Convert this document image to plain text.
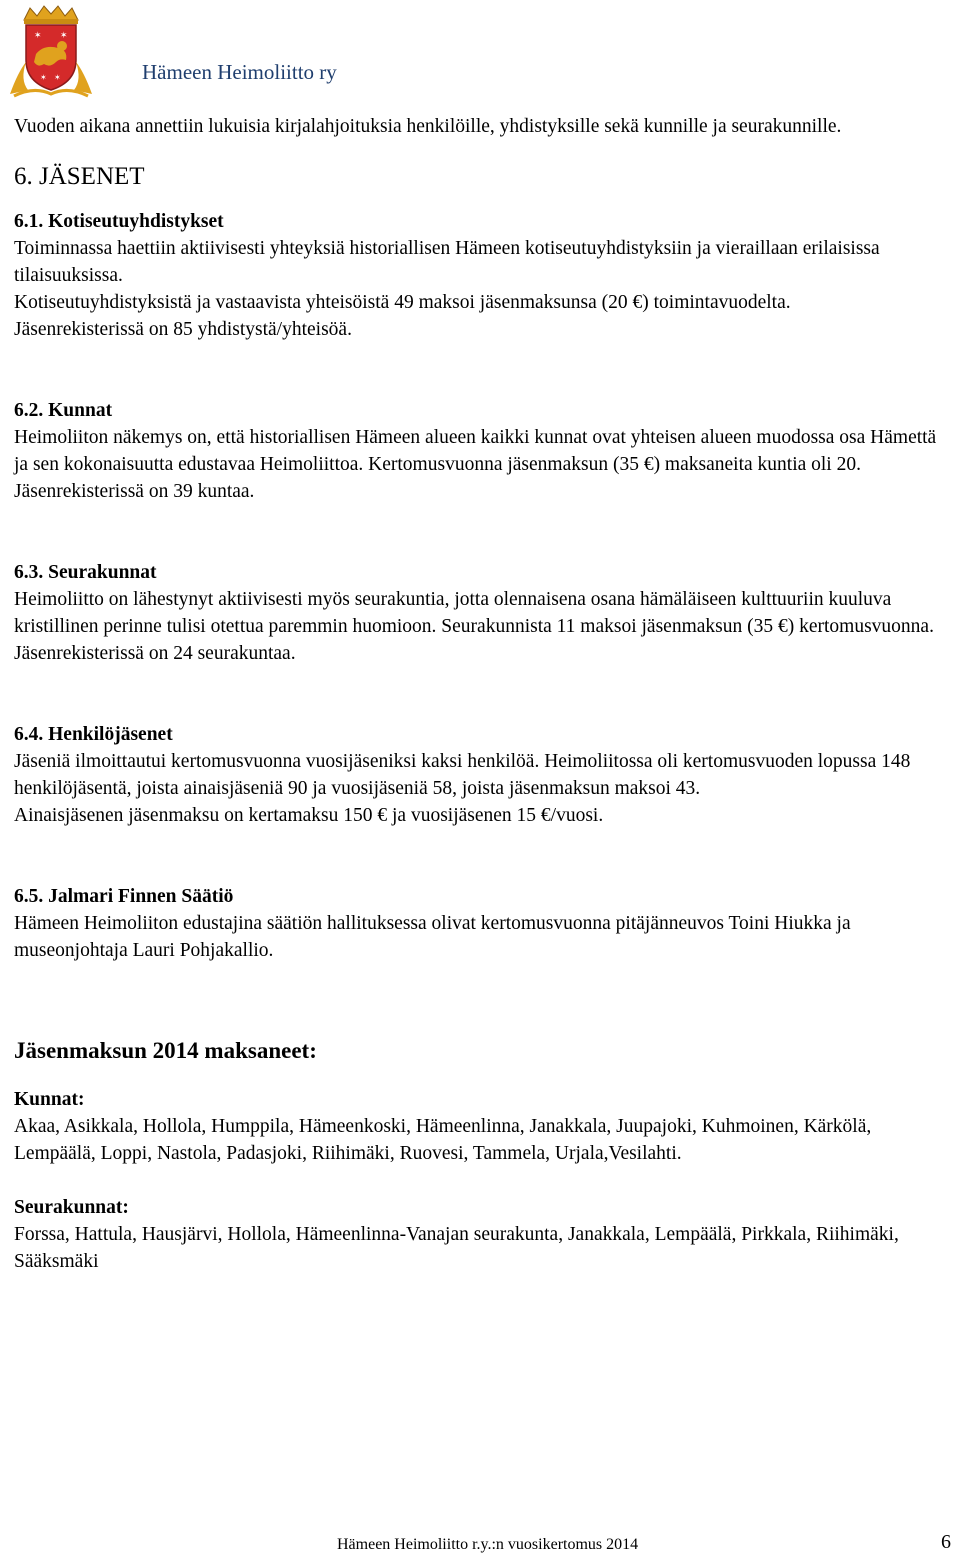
✶ ✶
✶ ✶	Hämeen Heimoliitto ry

Vuoden aikana annettiin lukuisia kirjalahjoituksia henkilöille, yhdistyksille sekä kunnille ja seurakunnille.

6. JÄSENET

6.1. Kotiseutuyhdistykset

Toiminnassa haettiin aktiivisesti yhteyksiä historiallisen Hämeen kotiseutuyhdistyksiin ja vieraillaan erilaisissa tilaisuuksissa.

Kotiseutuyhdistyksistä ja vastaavista yhteisöistä 49 maksoi jäsenmaksunsa (20 €) toimintavuodelta.

Jäsenrekisterissä on 85 yhdistystä/yhteisöä.

6.2. Kunnat

Heimoliiton näkemys on, että historiallisen Hämeen alueen kaikki kunnat ovat yhteisen alueen muodossa osa Hämettä ja sen kokonaisuutta edustavaa Heimoliittoa. Kertomusvuonna jäsenmaksun (35 €) maksaneita kuntia oli 20. Jäsenrekisterissä on 39 kuntaa.

6.3. Seurakunnat

Heimoliitto on lähestynyt aktiivisesti myös seurakuntia, jotta olennaisena osana hämäläiseen kulttuuriin kuuluva kristillinen perinne tulisi otettua paremmin huomioon. Seurakunnista 11 maksoi jäsenmaksun (35 €) kertomusvuonna. Jäsenrekisterissä on 24 seurakuntaa.

6.4. Henkilöjäsenet

Jäseniä ilmoittautui kertomusvuonna vuosijäseniksi kaksi henkilöä. Heimoliitossa oli kertomusvuoden lopussa 148 henkilöjäsentä, joista ainaisjäseniä 90 ja vuosijäseniä 58, joista jäsenmaksun maksoi 43.

Ainaisjäsenen jäsenmaksu on kertamaksu 150 € ja vuosijäsenen 15 €/vuosi.

6.5. Jalmari Finnen Säätiö

Hämeen Heimoliiton edustajina säätiön hallituksessa olivat kertomusvuonna pitäjänneuvos Toini Hiukka ja museonjohtaja Lauri Pohjakallio.

Jäsenmaksun 2014 maksaneet:

Kunnat:

Akaa, Asikkala, Hollola, Humppila, Hämeenkoski, Hämeenlinna, Janakkala, Juupajoki, Kuhmoinen, Kärkölä, Lempäälä, Loppi, Nastola, Padasjoki, Riihimäki, Ruovesi, Tammela, Urjala,Vesilahti.

Seurakunnat:

Forssa, Hattula, Hausjärvi, Hollola, Hämeenlinna-Vanajan seurakunta, Janakkala, Lempäälä, Pirkkala, Riihimäki, Sääksmäki

Hämeen Heimoliitto r.y.:n vuosikertomus 2014	6
